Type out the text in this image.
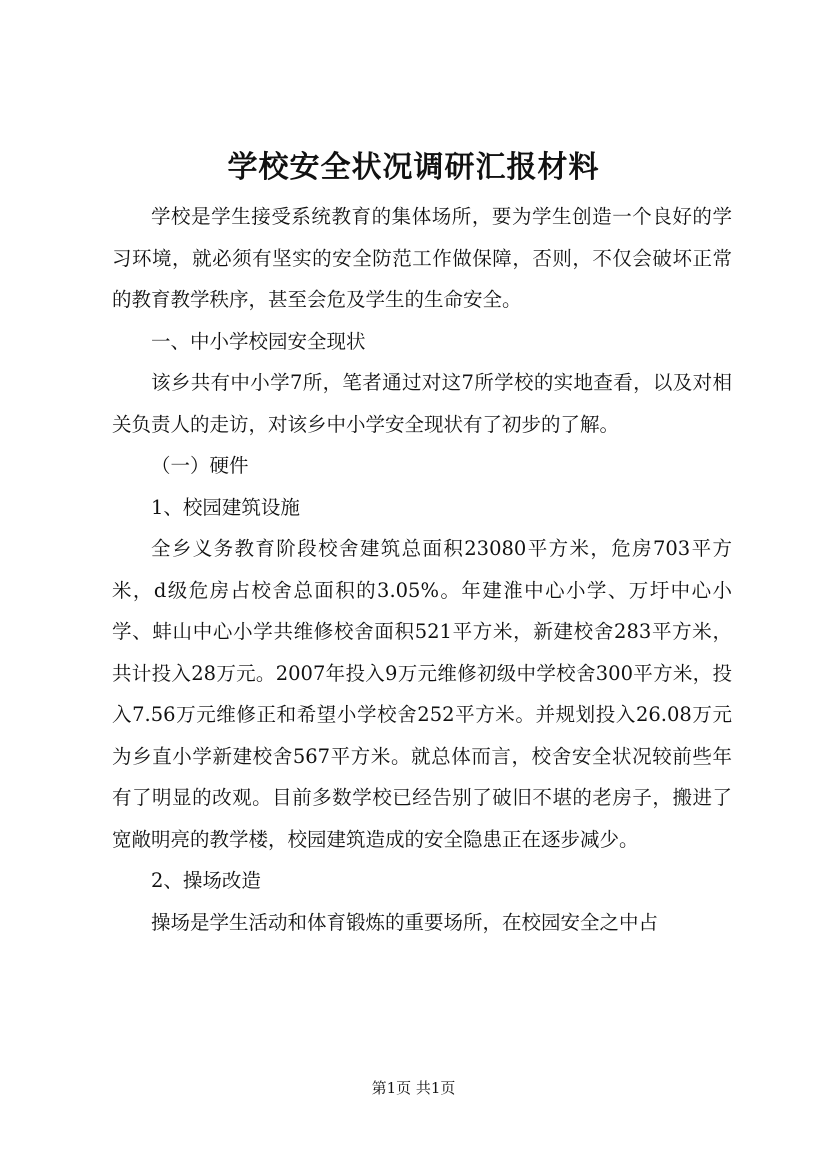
学校安全状况调研汇报材料

学校是学生接受系统教育的集体场所，要为学生创造一个良好的学习环境，就必须有坚实的安全防范工作做保障，否则，不仅会破坏正常的教育教学秩序，甚至会危及学生的生命安全。

一、中小学校园安全现状

该乡共有中小学7所，笔者通过对这7所学校的实地查看，以及对相关负责人的走访，对该乡中小学安全现状有了初步的了解。

（一）硬件

1、校园建筑设施

全乡义务教育阶段校舍建筑总面积23080平方米，危房703平方米，d级危房占校舍总面积的3.05%。年建淮中心小学、万圩中心小学、蚌山中心小学共维修校舍面积521平方米，新建校舍283平方米，共计投入28万元。2007年投入9万元维修初级中学校舍300平方米，投入7.56万元维修正和希望小学校舍252平方米。并规划投入26.08万元为乡直小学新建校舍567平方米。就总体而言，校舍安全状况较前些年有了明显的改观。目前多数学校已经告别了破旧不堪的老房子，搬进了宽敞明亮的教学楼，校园建筑造成的安全隐患正在逐步减少。

2、操场改造

操场是学生活动和体育锻炼的重要场所，在校园安全之中占

第1页 共1页
